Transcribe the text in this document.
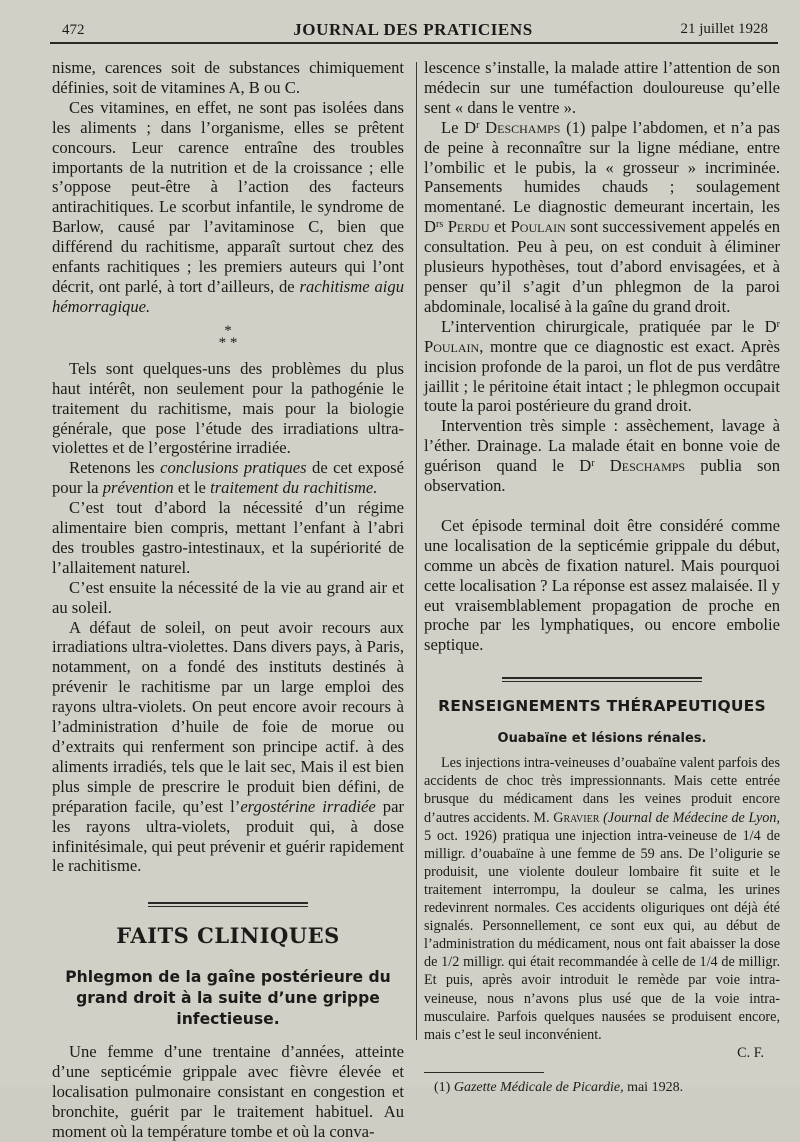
472	JOURNAL DES PRATICIENS	21 juillet 1928

nisme, carences soit de substances chimiquement définies, soit de vitamines A, B ou C.

Ces vitamines, en effet, ne sont pas isolées dans les aliments ; dans l’organisme, elles se prêtent concours. Leur carence entraîne des troubles importants de la nutrition et de la croissance ; elle s’oppose peut-être à l’action des facteurs antirachitiques. Le scorbut infantile, le syndrome de Barlow, causé par l’avitaminose C, bien que différend du rachitisme, apparaît surtout chez des enfants rachitiques ; les premiers auteurs qui l’ont décrit, ont parlé, à tort d’ailleurs, de rachitisme aigu hémorragique.

*
* *

Tels sont quelques-uns des problèmes du plus haut intérêt, non seulement pour la pathogénie le traitement du rachitisme, mais pour la biologie générale, que pose l’étude des irradiations ultra-violettes et de l’ergostérine irradiée.

Retenons les conclusions pratiques de cet exposé pour la prévention et le traitement du rachitisme.

C’est tout d’abord la nécessité d’un régime alimentaire bien compris, mettant l’enfant à l’abri des troubles gastro-intestinaux, et la supériorité de l’allaitement naturel.

C’est ensuite la nécessité de la vie au grand air et au soleil.

A défaut de soleil, on peut avoir recours aux irradiations ultra-violettes. Dans divers pays, à Paris, notamment, on a fondé des instituts destinés à prévenir le rachitisme par un large emploi des rayons ultra-violets. On peut encore avoir recours à l’administration d’huile de foie de morue ou d’extraits qui renferment son principe actif. à des aliments irradiés, tels que le lait sec, Mais il est bien plus simple de prescrire le produit bien défini, de préparation facile, qu’est l’ergostérine irradiée par les rayons ultra-violets, produit qui, à dose infinitésimale, qui peut prévenir et guérir rapidement le rachitisme.

FAITS CLINIQUES
Phlegmon de la gaîne postérieure du grand droit à la suite d’une grippe infectieuse.

Une femme d’une trentaine d’années, atteinte d’une septicémie grippale avec fièvre élevée et localisation pulmonaire consistant en congestion et bronchite, guérit par le traitement habituel. Au moment où la température tombe et où la conva-

lescence s’installe, la malade attire l’attention de son médecin sur une tuméfaction douloureuse qu’elle sent « dans le ventre ».

Le $D^r$ Deschamps (1) palpe l’abdomen, et n’a pas de peine à reconnaître sur la ligne médiane, entre l’ombilic et le pubis, la « grosseur » incriminée. Pansements humides chauds ; soulagement momentané. Le diagnostic demeurant incertain, les $D^{rs}$ Perdu et Poulain sont successivement appelés en consultation. Peu à peu, on est conduit à éliminer plusieurs hypothèses, tout d’abord envisagées, et à penser qu’il s’agit d’un phlegmon de la paroi abdominale, localisé à la gaîne du grand droit.

L’intervention chirurgicale, pratiquée par le $D^r$ Poulain, montre que ce diagnostic est exact. Après incision profonde de la paroi, un flot de pus verdâtre jaillit ; le péritoine était intact ; le phlegmon occupait toute la paroi postérieure du grand droit.

Intervention très simple : assèchement, lavage à l’éther. Drainage. La malade était en bonne voie de guérison quand le $D^r$ Deschamps publia son observation.

Cet épisode terminal doit être considéré comme une localisation de la septicémie grippale du début, comme un abcès de fixation naturel. Mais pourquoi cette localisation ? La réponse est assez malaisée. Il y eut vraisemblablement propagation de proche en proche par les lymphatiques, ou encore embolie septique.

RENSEIGNEMENTS THÉRAPEUTIQUES
Ouabaïne et lésions rénales.

Les injections intra-veineuses d’ouabaïne valent parfois des accidents de choc très impressionnants. Mais cette entrée brusque du médicament dans les veines produit encore d’autres accidents. M. Gravier (Journal de Médecine de Lyon, 5 oct. 1926) pratiqua une injection intra-veineuse de 1/4 de milligr. d’ouabaïne à une femme de 59 ans. De l’oligurie se produisit, une violente douleur lombaire fit suite et le traitement interrompu, la douleur se calma, les urines redevinrent normales. Ces accidents oliguriques ont déjà été signalés. Personnellement, ce sont eux qui, au début de l’administration du médicament, nous ont fait abaisser la dose de 1/2 milligr. qui était recommandée à celle de 1/4 de milligr. Et puis, après avoir introduit le remède par voie intra-veineuse, nous n’avons plus usé que de la voie intra-musculaire. Parfois quelques nausées se produisent encore, mais c’est le seul inconvénient.

C. F.

(1) Gazette Médicale de Picardie, mai 1928.
